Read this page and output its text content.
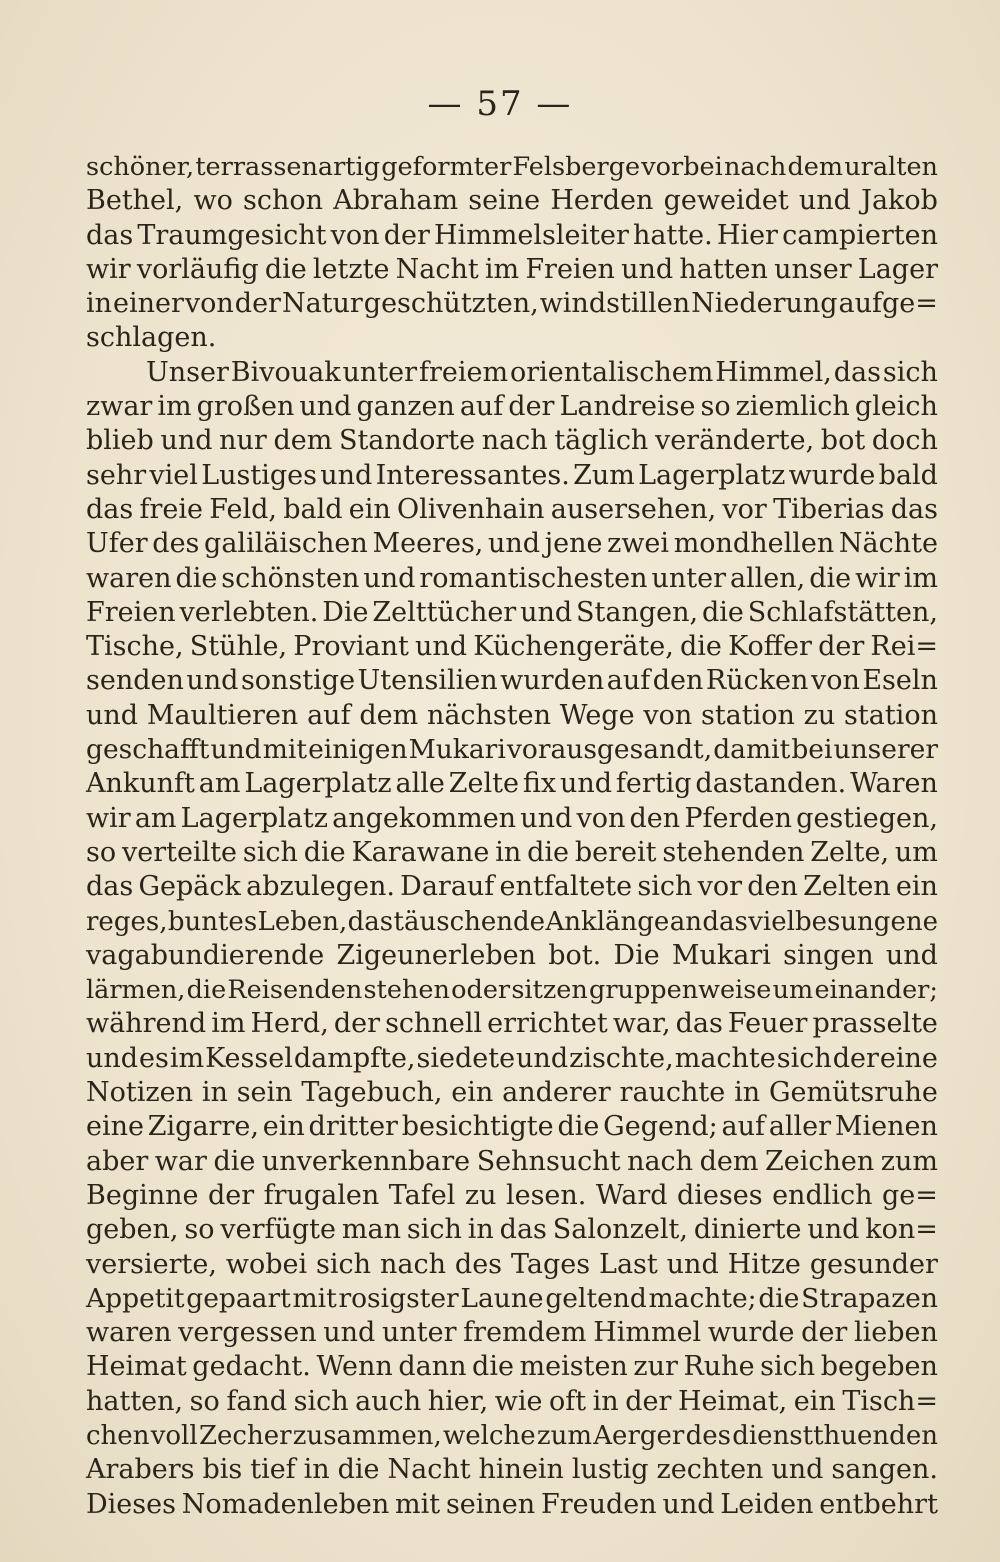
— 57 —
schöner, terrassenartig geformter Felsberge vorbei nach dem uralten
Bethel, wo schon Abraham seine Herden geweidet und Jakob
das Traumgesicht von der Himmelsleiter hatte. Hier campierten
wir vorläufig die letzte Nacht im Freien und hatten unser Lager
in einer von der Natur geschützten, windstillen Niederung aufge=
schlagen.
Unser Bivouak unter freiem orientalischem Himmel, das sich
zwar im großen und ganzen auf der Landreise so ziemlich gleich
blieb und nur dem Standorte nach täglich veränderte, bot doch
sehr viel Lustiges und Interessantes. Zum Lagerplatz wurde bald
das freie Feld, bald ein Olivenhain ausersehen, vor Tiberias das
Ufer des galiläischen Meeres, und jene zwei mondhellen Nächte
waren die schönsten und romantischesten unter allen, die wir im
Freien verlebten. Die Zelttücher und Stangen, die Schlafstätten,
Tische, Stühle, Proviant und Küchengeräte, die Koffer der Rei=
senden und sonstige Utensilien wurden auf den Rücken von Eseln
und Maultieren auf dem nächsten Wege von station zu station
geschafft und mit einigen Mukari vorausgesandt, damit bei unserer
Ankunft am Lagerplatz alle Zelte fix und fertig dastanden. Waren
wir am Lagerplatz angekommen und von den Pferden gestiegen,
so verteilte sich die Karawane in die bereit stehenden Zelte, um
das Gepäck abzulegen. Darauf entfaltete sich vor den Zelten ein
reges, buntes Leben, das täuschende Anklänge an das vielbesungene
vagabundierende Zigeunerleben bot. Die Mukari singen und
lärmen, die Reisenden stehen oder sitzen gruppenweise um einander;
während im Herd, der schnell errichtet war, das Feuer prasselte
und es im Kessel dampfte, siedete und zischte, machte sich der eine
Notizen in sein Tagebuch, ein anderer rauchte in Gemütsruhe
eine Zigarre, ein dritter besichtigte die Gegend; auf aller Mienen
aber war die unverkennbare Sehnsucht nach dem Zeichen zum
Beginne der frugalen Tafel zu lesen. Ward dieses endlich ge=
geben, so verfügte man sich in das Salonzelt, dinierte und kon=
versierte, wobei sich nach des Tages Last und Hitze gesunder
Appetit gepaart mit rosigster Laune geltend machte; die Strapazen
waren vergessen und unter fremdem Himmel wurde der lieben
Heimat gedacht. Wenn dann die meisten zur Ruhe sich begeben
hatten, so fand sich auch hier, wie oft in der Heimat, ein Tisch=
chen voll Zecher zusammen, welche zum Aerger des dienstthuenden
Arabers bis tief in die Nacht hinein lustig zechten und sangen.
Dieses Nomadenleben mit seinen Freuden und Leiden entbehrt
